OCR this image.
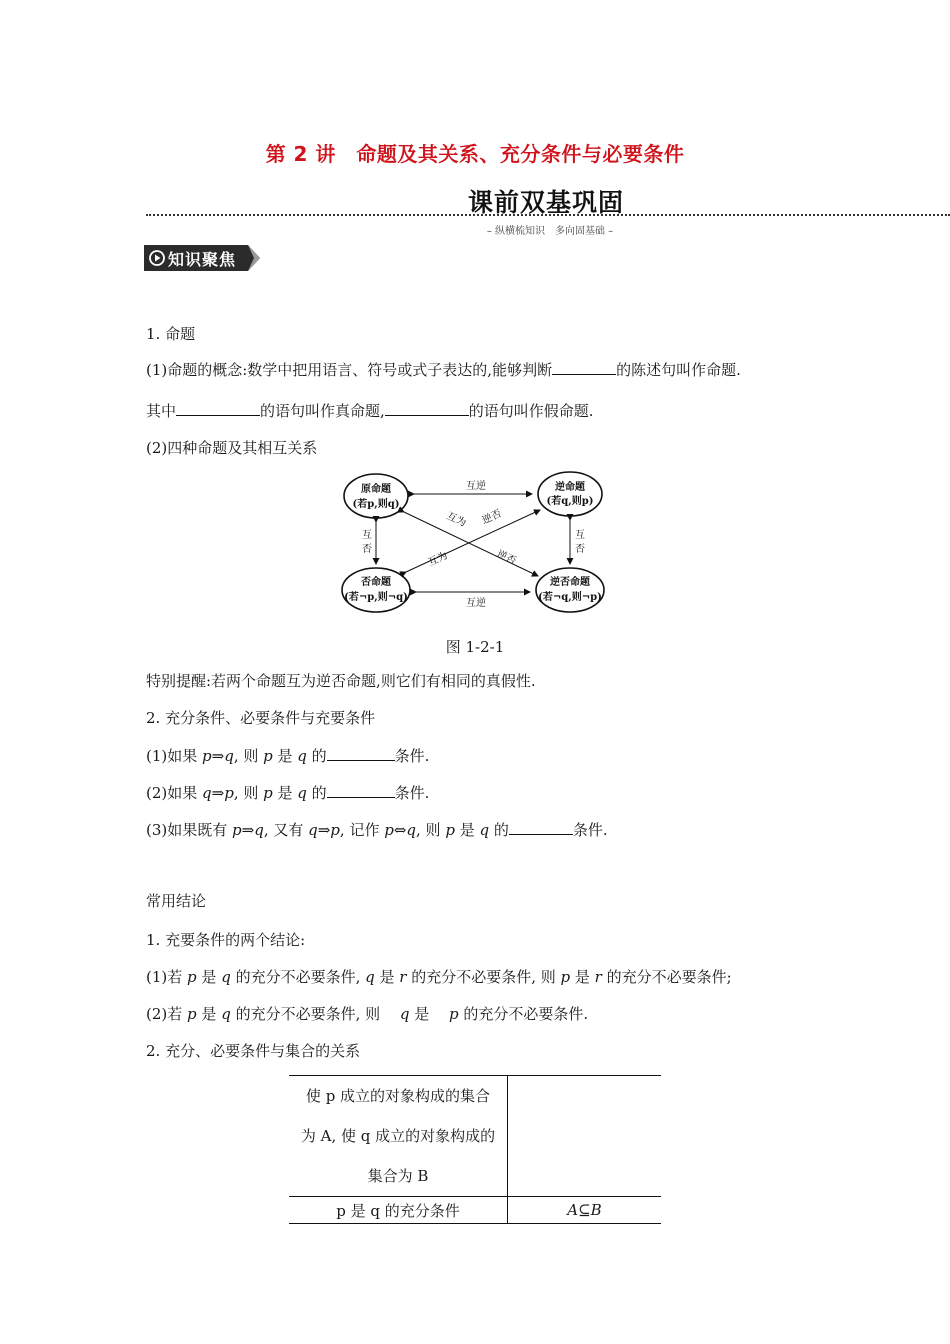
第 2 讲　命题及其关系、充分条件与必要条件
课前双基巩固
– 纵横梳知识　多向固基础 –
知识聚焦
1. 命题
(1)命题的概念:数学中把用语言、符号或式子表达的,能够判断	的陈述句叫作命题.
其中	的语句叫作真命题,	的语句叫作假命题.
(2)四种命题及其相互关系
原命题
(若p,则q)
逆命题
(若q,则p)
否命题
(若¬p,则¬q)
逆否命题
(若¬q,则¬p)
互逆
互逆
互
否
互
否
互为
逆否
互为
逆否
图 1-2-1
特别提醒:若两个命题互为逆否命题,则它们有相同的真假性.
2. 充分条件、必要条件与充要条件
(1)如果 p⇒q, 则 p 是 q 的	条件.
(2)如果 q⇒p, 则 p 是 q 的	条件.
(3)如果既有 p⇒q, 又有 q⇒p, 记作 p⇔q, 则 p 是 q 的	条件.
常用结论
1. 充要条件的两个结论:
(1)若 p 是 q 的充分不必要条件, q 是 r 的充分不必要条件, 则 p 是 r 的充分不必要条件;
(2)若 p 是 q 的充分不必要条件, 则　 q 是　 p 的充分不必要条件.
2. 充分、必要条件与集合的关系
使 p 成立的对象构成的集合
为 A, 使 q 成立的对象构成的
集合为 B	

p 是 q 的充分条件	A⊆B
